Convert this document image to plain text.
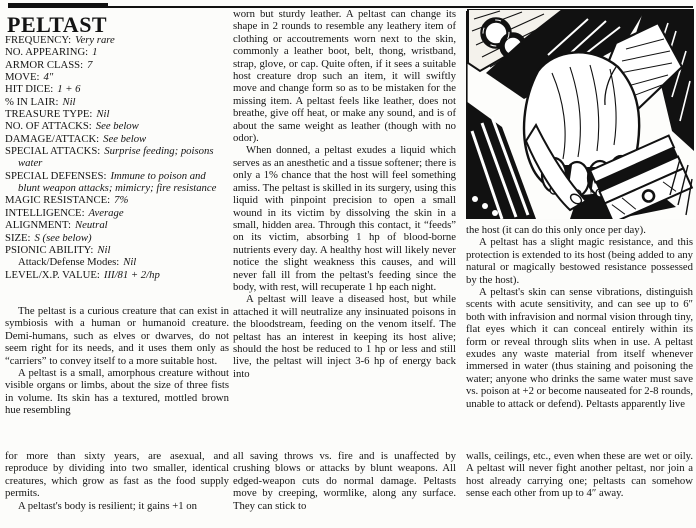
PELTAST
FREQUENCY: Very rare
NO. APPEARING: 1
ARMOR CLASS: 7
MOVE: 4″
HIT DICE: 1 + 6
% IN LAIR: Nil
TREASURE TYPE: Nil
NO. OF ATTACKS: See below
DAMAGE/ATTACK: See below
SPECIAL ATTACKS: Surprise feeding; poisons water
SPECIAL DEFENSES: Immune to poison and blunt weapon attacks; mimicry; fire resistance
MAGIC RESISTANCE: 7%
INTELLIGENCE: Average
ALIGNMENT: Neutral
SIZE: S (see below)
PSIONIC ABILITY: Nil
Attack/Defense Modes: Nil
LEVEL/X.P. VALUE: III/81 + 2/hp

The peltast is a curious creature that can exist in symbiosis with a human or humanoid creature. Demi-humans, such as elves or dwarves, do not seem right for its needs, and it uses them only as “carriers” to convey itself to a more suitable host.

A peltast is a small, amorphous creature without visible organs or limbs, about the size of three fists in volume. Its skin has a textured, mottled brown hue resembling

worn but sturdy leather. A peltast can change its shape in 2 rounds to resemble any leathery item of clothing or accoutrements worn next to the skin, commonly a leather boot, belt, thong, wristband, strap, glove, or cap. Quite often, if it sees a suitable host creature drop such an item, it will swiftly move and change form so as to be mistaken for the missing item. A peltast feels like leather, does not breathe, give off heat, or make any sound, and is of about the same weight as leather (though with no odor).

When donned, a peltast exudes a liquid which serves as an anesthetic and a tissue softener; there is only a 1% chance that the host will feel something amiss. The peltast is skilled in its surgery, using this liquid with pinpoint precision to open a small wound in its victim by dissolving the skin in a small, hidden area. Through this contact, it “feeds” on its victim, absorbing 1 hp of blood-borne nutrients every day. A healthy host will likely never notice the slight weakness this causes, and will never fall ill from the peltast's feeding since the body, with rest, will recuperate 1 hp each night.

A peltast will leave a diseased host, but while attached it will neutralize any insinuated poisons in the bloodstream, feeding on the venom itself. The peltast has an interest in keeping its host alive; should the host be reduced to 1 hp or less and still live, the peltast will inject 3-6 hp of energy back into

the host (it can do this only once per day).

A peltast has a slight magic resistance, and this protection is extended to its host (being added to any natural or magically bestowed resistance possessed by the host).

A peltast's skin can sense vibrations, distinguish scents with acute sensitivity, and can see up to 6″ both with infravision and normal vision through tiny, flat eyes which it can conceal entirely within its form or reveal through slits when in use. A peltast exudes any waste material from itself whenever immersed in water (thus staining and poisoning the water; anyone who drinks the same water must save vs. poison at +2 or become nauseated for 2-8 rounds, unable to attack or defend). Peltasts apparently live

for more than sixty years, are asexual, and reproduce by dividing into two smaller, identical creatures, which grow as fast as the food supply permits.

A peltast's body is resilient; it gains +1 on

all saving throws vs. fire and is unaffected by crushing blows or attacks by blunt weapons. All edged-weapon cuts do normal damage. Peltasts move by creeping, wormlike, along any surface. They can stick to

walls, ceilings, etc., even when these are wet or oily. A peltast will never fight another peltast, nor join a host already carrying one; peltasts can somehow sense each other from up to 4″ away.
